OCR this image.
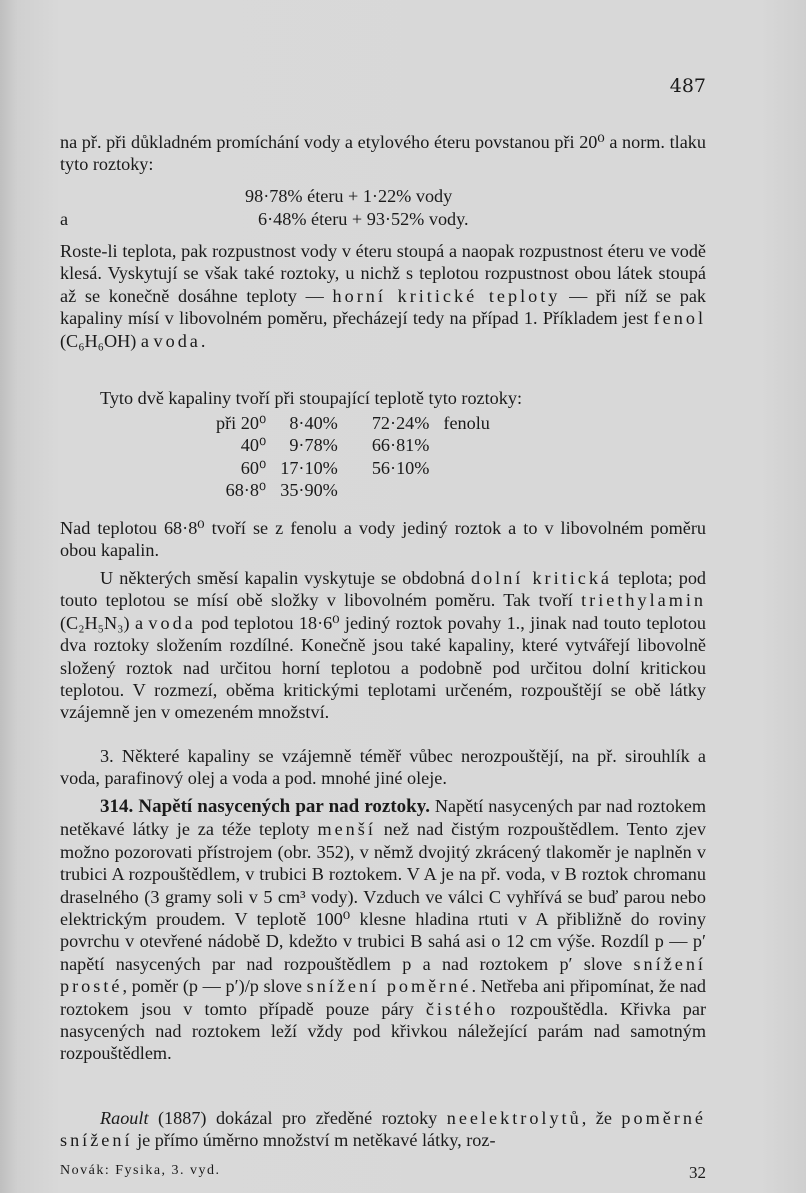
487
na př. při důkladném promíchání vody a etylového éteru povstanou při 20⁰ a norm. tlaku tyto roztoky:
98·78% éteru + 1·22% vody
a	6·48% éteru + 93·52% vody.
Roste-li teplota, pak rozpustnost vody v éteru stoupá a naopak rozpustnost éteru ve vodě klesá. Vyskytují se však také roztoky, u nichž s teplotou rozpustnost obou látek stoupá až se konečně dosáhne teploty — horní kritické teploty — při níž se pak kapaliny mísí v libovolném poměru, přecházejí tedy na případ 1. Příkladem jest fenol (C₆H₆OH) a voda.
Tyto dvě kapaliny tvoří při stoupající teplotě tyto roztoky:
při 20⁰	8·40%	72·24%	fenolu
40⁰	9·78%	66·81%	
60⁰	17·10%	56·10%	
68·8⁰	35·90%		
Nad teplotou 68·8⁰ tvoří se z fenolu a vody jediný roztok a to v libovolném poměru obou kapalin.
U některých směsí kapalin vyskytuje se obdobná dolní kritická teplota; pod touto teplotou se mísí obě složky v libovolném poměru. Tak tvoří triethylamin (C₂H₅N₃) a voda pod teplotou 18·6⁰ jediný roztok povahy 1., jinak nad touto teplotou dva roztoky složením rozdílné. Konečně jsou také kapaliny, které vytvářejí libovolně složený roztok nad určitou horní teplotou a podobně pod určitou dolní kritickou teplotou. V rozmezí, oběma kritickými teplotami určeném, rozpouštějí se obě látky vzájemně jen v omezeném množství.
3. Některé kapaliny se vzájemně téměř vůbec nerozpouštějí, na př. sirouhlík a voda, parafinový olej a voda a pod. mnohé jiné oleje.
314. Napětí nasycených par nad roztoky. Napětí nasycených par nad roztokem netěkavé látky je za téže teploty menší než nad čistým rozpouštědlem. Tento zjev možno pozorovati přístrojem (obr. 352), v němž dvojitý zkrácený tlakoměr je naplněn v trubici A rozpouštědlem, v trubici B roztokem. V A je na př. voda, v B roztok chromanu draselného (3 gramy soli v 5 cm³ vody). Vzduch ve válci C vyhřívá se buď parou nebo elektrickým proudem. V teplotě 100⁰ klesne hladina rtuti v A přibližně do roviny povrchu v otevřené nádobě D, kdežto v trubici B sahá asi o 12 cm výše. Rozdíl p — p′ napětí nasycených par nad rozpouštědlem p a nad roztokem p′ slove snížení prosté, poměr (p — p′)/p slove snížení poměrné. Netřeba ani připomínat, že nad roztokem jsou v tomto případě pouze páry čistého rozpouštědla. Křivka par nasycených nad roztokem leží vždy pod křivkou náležející parám nad samotným rozpouštědlem.
Raoult (1887) dokázal pro zředěné roztoky neelektrolytů, že poměrné snížení je přímo úměrno množství m netěkavé látky, roz-
Novák: Fysika, 3. vyd.	32
